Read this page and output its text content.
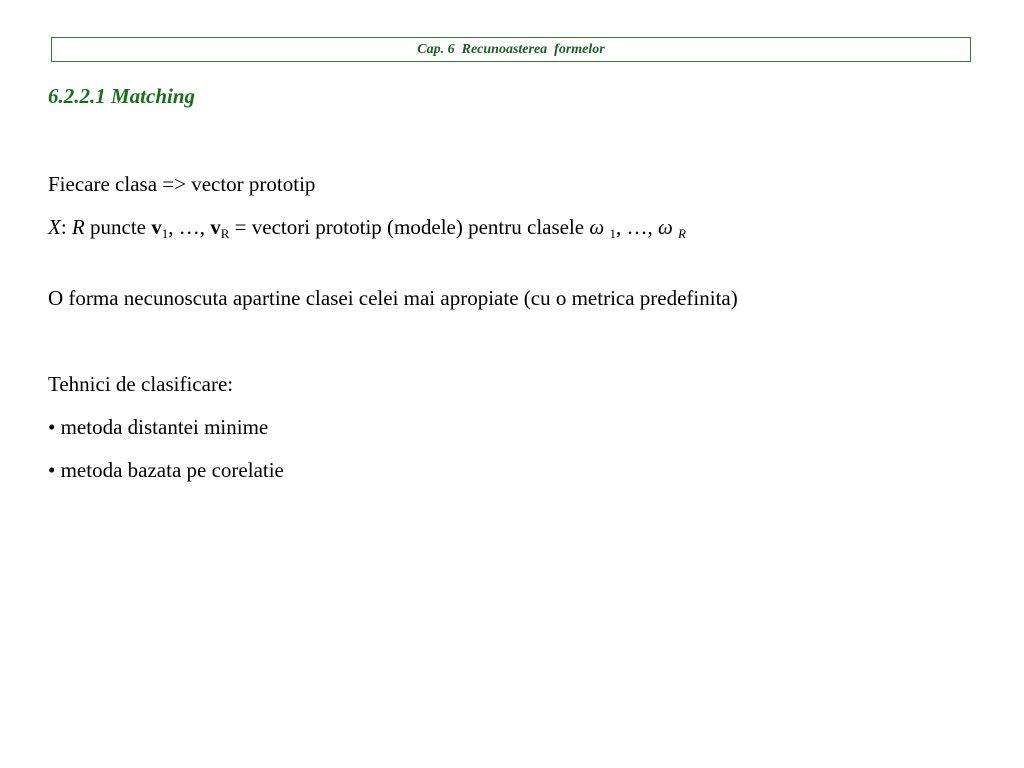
Cap. 6  Recunoasterea  formelor
6.2.2.1 Matching
Fiecare clasa => vector prototip
X: R puncte $v_1$, …, $v_R$ = vectori prototip (modele) pentru clasele ω $_1$, …, ω $_R$
O forma necunoscuta apartine clasei celei mai apropiate (cu o metrica predefinita)
Tehnici de clasificare:
• metoda distantei minime
• metoda bazata pe corelatie
